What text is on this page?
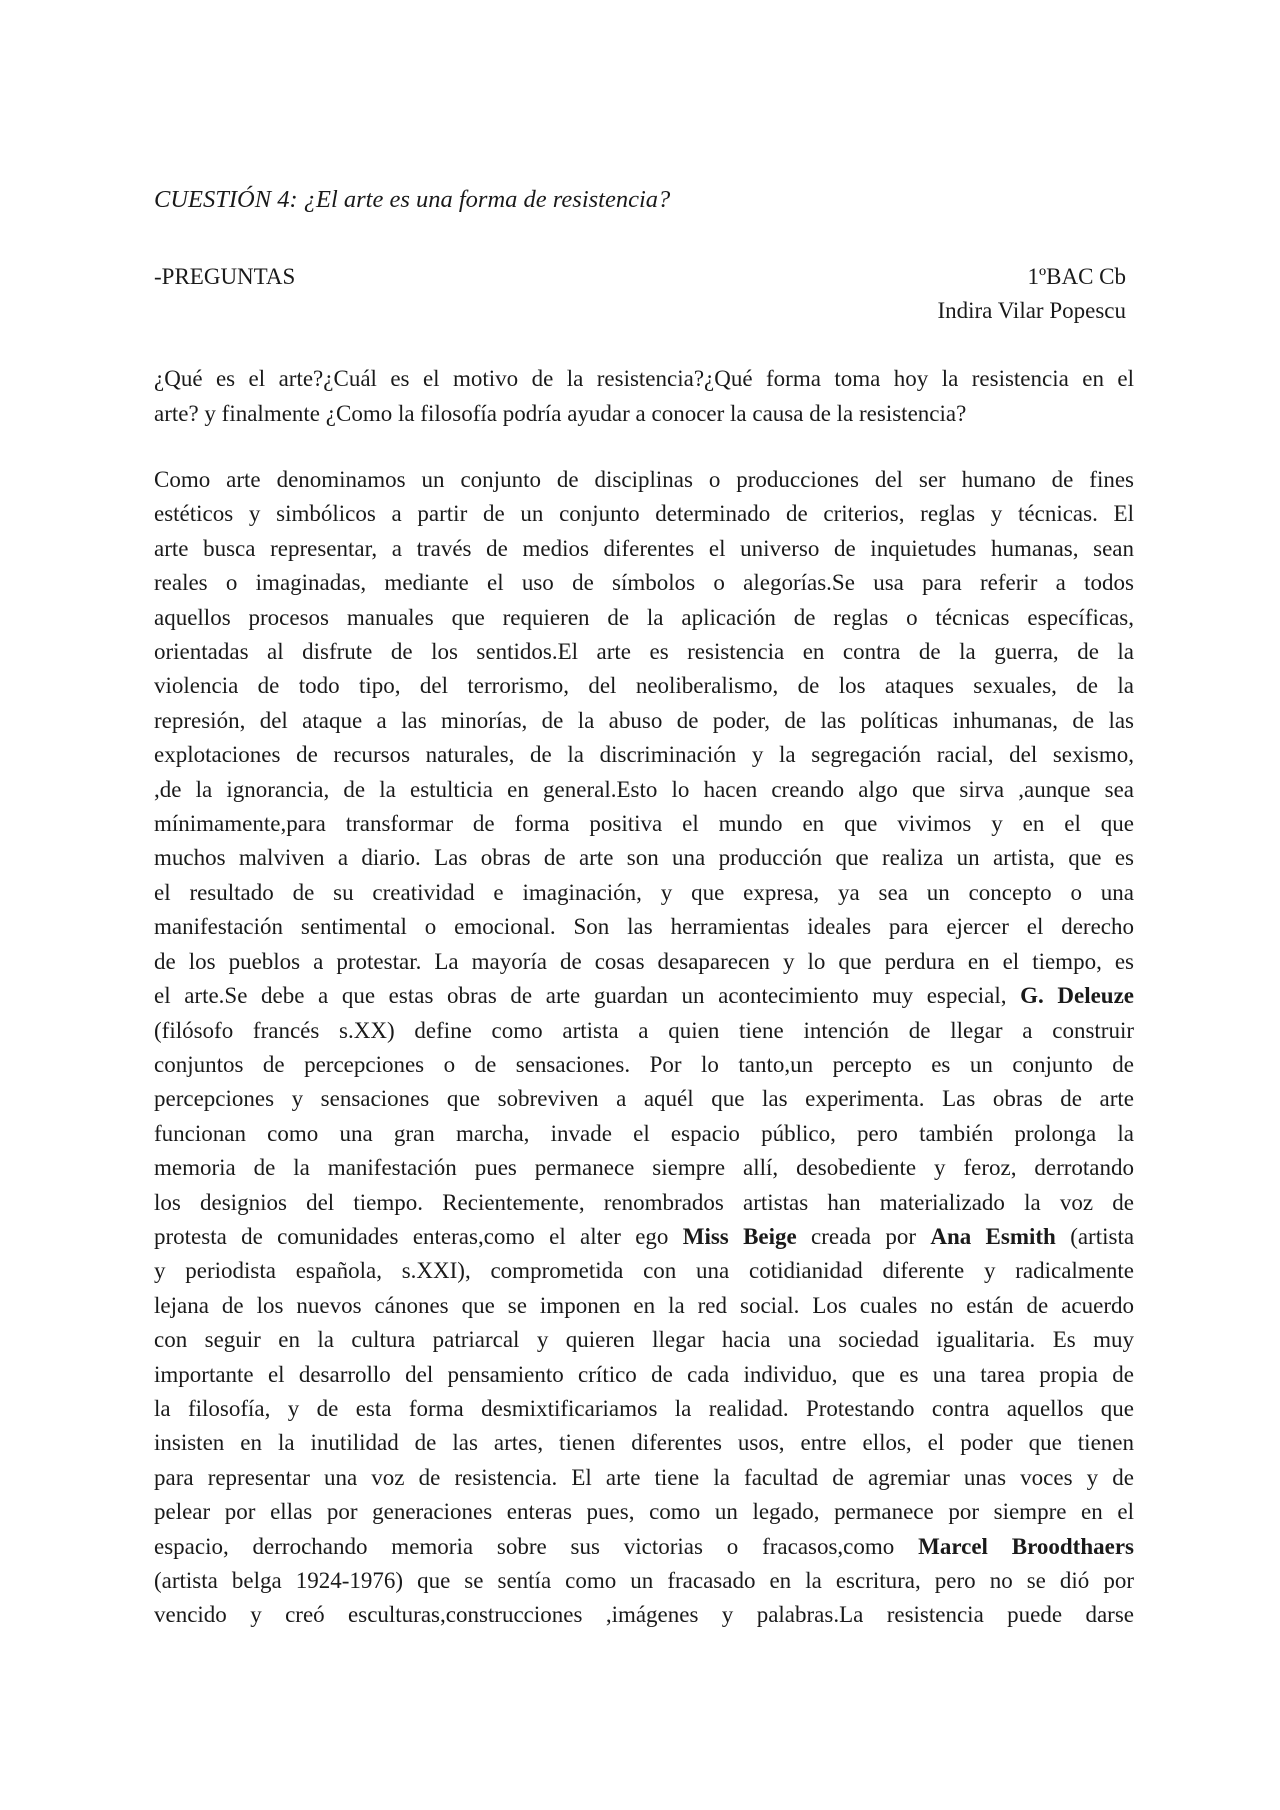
CUESTIÓN 4: ¿El arte es una forma de resistencia?
-PREGUNTAS	1ºBAC Cb
Indira Vilar Popescu
¿Qué es el arte?¿Cuál es el motivo de la resistencia?¿Qué forma toma hoy la resistencia en el
arte? y finalmente ¿Como la filosofía podría ayudar a conocer la causa de la resistencia?
Como arte denominamos un conjunto de disciplinas o producciones del ser humano de fines
estéticos y simbólicos a partir de un conjunto determinado de criterios, reglas y técnicas. El
arte busca representar, a través de medios diferentes el universo de inquietudes humanas, sean
reales o imaginadas, mediante el uso de símbolos o alegorías.Se usa para referir a todos
aquellos procesos manuales que requieren de la aplicación de reglas o técnicas específicas,
orientadas al disfrute de los sentidos.El arte es resistencia en contra de la guerra, de la
violencia de todo tipo, del terrorismo, del neoliberalismo, de los ataques sexuales, de la
represión, del ataque a las minorías, de la abuso de poder, de las políticas inhumanas, de las
explotaciones de recursos naturales, de la discriminación y la segregación racial, del sexismo,
,de la ignorancia, de la estulticia en general.Esto lo hacen creando algo que sirva ,aunque sea
mínimamente,para transformar de forma positiva el mundo en que vivimos y en el que
muchos malviven a diario. Las obras de arte son una producción que realiza un artista, que es
el resultado de su creatividad e imaginación, y que expresa, ya sea un concepto o una
manifestación sentimental o emocional. Son las herramientas ideales para ejercer el derecho
de los pueblos a protestar. La mayoría de cosas desaparecen y lo que perdura en el tiempo, es
el arte.Se debe a que estas obras de arte guardan un acontecimiento muy especial, G. Deleuze
(filósofo francés s.XX) define como artista a quien tiene intención de llegar a construir
conjuntos de percepciones o de sensaciones. Por lo tanto,un percepto es un conjunto de
percepciones y sensaciones que sobreviven a aquél que las experimenta. Las obras de arte
funcionan como una gran marcha, invade el espacio público, pero también prolonga la
memoria de la manifestación pues permanece siempre allí, desobediente y feroz, derrotando
los designios del tiempo. Recientemente, renombrados artistas han materializado la voz de
protesta de comunidades enteras,como el alter ego Miss Beige creada por Ana Esmith (artista
y periodista española, s.XXI), comprometida con una cotidianidad diferente y radicalmente
lejana de los nuevos cánones que se imponen en la red social. Los cuales no están de acuerdo
con seguir en la cultura patriarcal y quieren llegar hacia una sociedad igualitaria. Es muy
importante el desarrollo del pensamiento crítico de cada individuo, que es una tarea propia de
la filosofía, y de esta forma desmixtificariamos la realidad. Protestando contra aquellos que
insisten en la inutilidad de las artes, tienen diferentes usos, entre ellos, el poder que tienen
para representar una voz de resistencia. El arte tiene la facultad de agremiar unas voces y de
pelear por ellas por generaciones enteras pues, como un legado, permanece por siempre en el
espacio, derrochando memoria sobre sus victorias o fracasos,como Marcel Broodthaers
(artista belga 1924-1976) que se sentía como un fracasado en la escritura, pero no se dió por
vencido y creó esculturas,construcciones ,imágenes y palabras.La resistencia puede darse
